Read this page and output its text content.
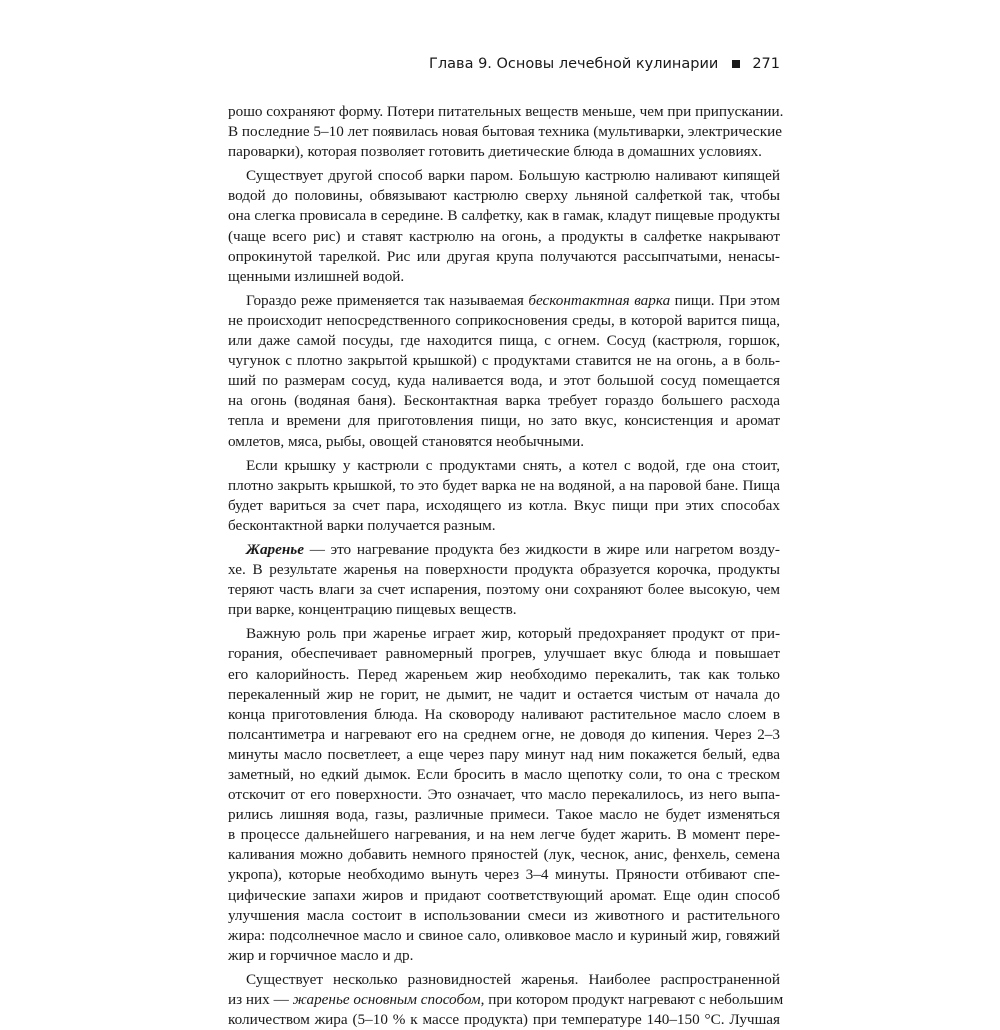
Глава 9. Основы лечебной кулинарии 271
рошо сохраняют форму. Потери питательных веществ меньше, чем при припускании.
В последние 5–10 лет появилась новая бытовая техника (мультиварки, электрические
пароварки), которая позволяет готовить диетические блюда в домашних условиях.
Существует другой способ варки паром. Большую кастрюлю наливают кипящей
водой до половины, обвязывают кастрюлю сверху льняной салфеткой так, чтобы
она слегка провисала в середине. В салфетку, как в гамак, кладут пищевые продукты
(чаще всего рис) и ставят кастрюлю на огонь, а продукты в салфетке накрывают
опрокинутой тарелкой. Рис или другая крупа получаются рассыпчатыми, ненасы-
щенными излишней водой.
Гораздо реже применяется так называемая бесконтактная варка пищи. При этом
не происходит непосредственного соприкосновения среды, в которой варится пища,
или даже самой посуды, где находится пища, с огнем. Сосуд (кастрюля, горшок,
чугунок с плотно закрытой крышкой) с продуктами ставится не на огонь, а в боль-
ший по размерам сосуд, куда наливается вода, и этот большой сосуд помещается
на огонь (водяная баня). Бесконтактная варка требует гораздо большего расхода
тепла и времени для приготовления пищи, но зато вкус, консистенция и аромат
омлетов, мяса, рыбы, овощей становятся необычными.
Если крышку у кастрюли с продуктами снять, а котел с водой, где она стоит,
плотно закрыть крышкой, то это будет варка не на водяной, а на паровой бане. Пища
будет вариться за счет пара, исходящего из котла. Вкус пищи при этих способах
бесконтактной варки получается разным.
Жаренье — это нагревание продукта без жидкости в жире или нагретом возду-
хе. В результате жаренья на поверхности продукта образуется корочка, продукты
теряют часть влаги за счет испарения, поэтому они сохраняют более высокую, чем
при варке, концентрацию пищевых веществ.
Важную роль при жаренье играет жир, который предохраняет продукт от при-
горания, обеспечивает равномерный прогрев, улучшает вкус блюда и повышает
его калорийность. Перед жареньем жир необходимо перекалить, так как только
перекаленный жир не горит, не дымит, не чадит и остается чистым от начала до
конца приготовления блюда. На сковороду наливают растительное масло слоем в
полсантиметра и нагревают его на среднем огне, не доводя до кипения. Через 2–3
минуты масло посветлеет, а еще через пару минут над ним покажется белый, едва
заметный, но едкий дымок. Если бросить в масло щепотку соли, то она с треском
отскочит от его поверхности. Это означает, что масло перекалилось, из него выпа-
рились лишняя вода, газы, различные примеси. Такое масло не будет изменяться
в процессе дальнейшего нагревания, и на нем легче будет жарить. В момент пере-
каливания можно добавить немного пряностей (лук, чеснок, анис, фенхель, семена
укропа), которые необходимо вынуть через 3–4 минуты. Пряности отбивают спе-
цифические запахи жиров и придают соответствующий аромат. Еще один способ
улучшения масла состоит в использовании смеси из животного и растительного
жира: подсолнечное масло и свиное сало, оливковое масло и куриный жир, говяжий
жир и горчичное масло и др.
Существует несколько разновидностей жаренья. Наиболее распространенной
из них — жаренье основным способом, при котором продукт нагревают с небольшим
количеством жира (5–10 % к массе продукта) при температуре 140–150 °C. Лучшая
